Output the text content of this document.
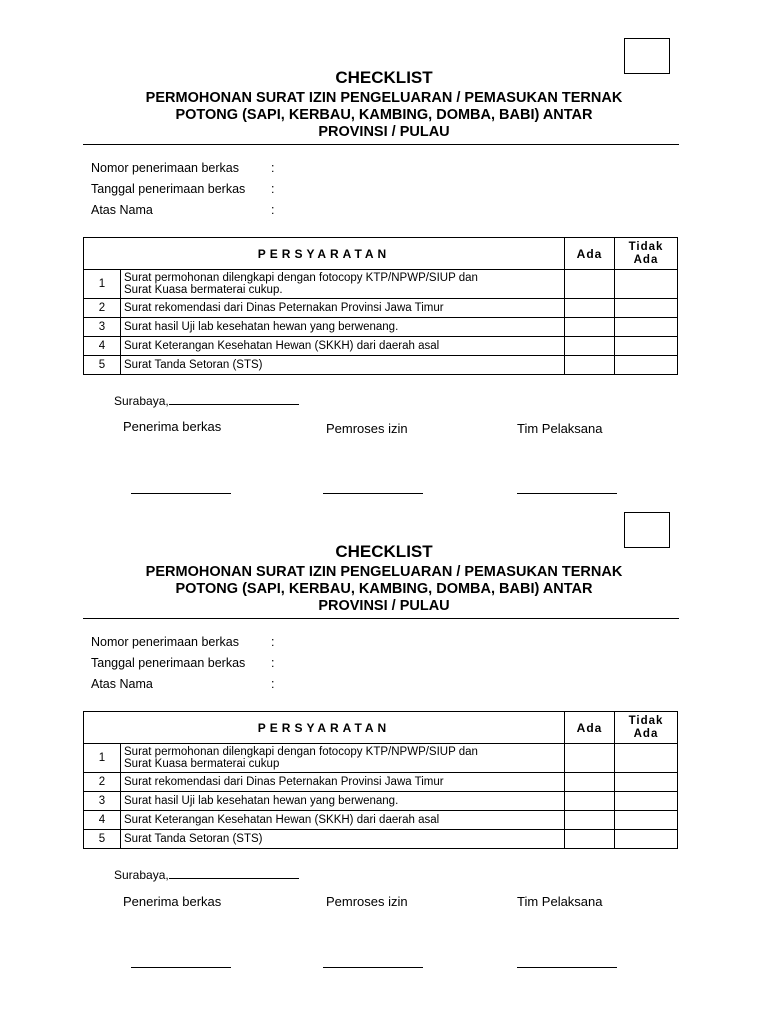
CHECKLIST
PERMOHONAN SURAT IZIN PENGELUARAN / PEMASUKAN TERNAK
POTONG (SAPI, KERBAU, KAMBING, DOMBA, BABI) ANTAR
PROVINSI / PULAU
Nomor penerimaan berkas	:
Tanggal penerimaan berkas :
Atas Nama	:
PERSYARATAN		Ada	Tidak
Ada

1	Surat permohonan dilengkapi dengan fotocopy KTP/NPWP/SIUP dan
Surat Kuasa bermaterai cukup.		

2	Surat rekomendasi dari Dinas Peternakan Provinsi Jawa Timur		
3	Surat hasil Uji lab kesehatan hewan yang berwenang.		
4	Surat Keterangan Kesehatan Hewan (SKKH) dari daerah asal		
5	Surat Tanda Setoran (STS)		
Surabaya,
Penerima berkas	Pemroses izin	Tim Pelaksana
CHECKLIST
PERMOHONAN SURAT IZIN PENGELUARAN / PEMASUKAN TERNAK
POTONG (SAPI, KERBAU, KAMBING, DOMBA, BABI) ANTAR
PROVINSI / PULAU
Nomor penerimaan berkas	:
Tanggal penerimaan berkas :
Atas Nama	:
PERSYARATAN		Ada	Tidak
Ada

1	Surat permohonan dilengkapi dengan fotocopy KTP/NPWP/SIUP dan
Surat Kuasa bermaterai cukup		

2	Surat rekomendasi dari Dinas Peternakan Provinsi Jawa Timur		
3	Surat hasil Uji lab kesehatan hewan yang berwenang.		
4	Surat Keterangan Kesehatan Hewan (SKKH) dari daerah asal		
5	Surat Tanda Setoran (STS)		
Surabaya,
Penerima berkas	Pemroses izin	Tim Pelaksana
